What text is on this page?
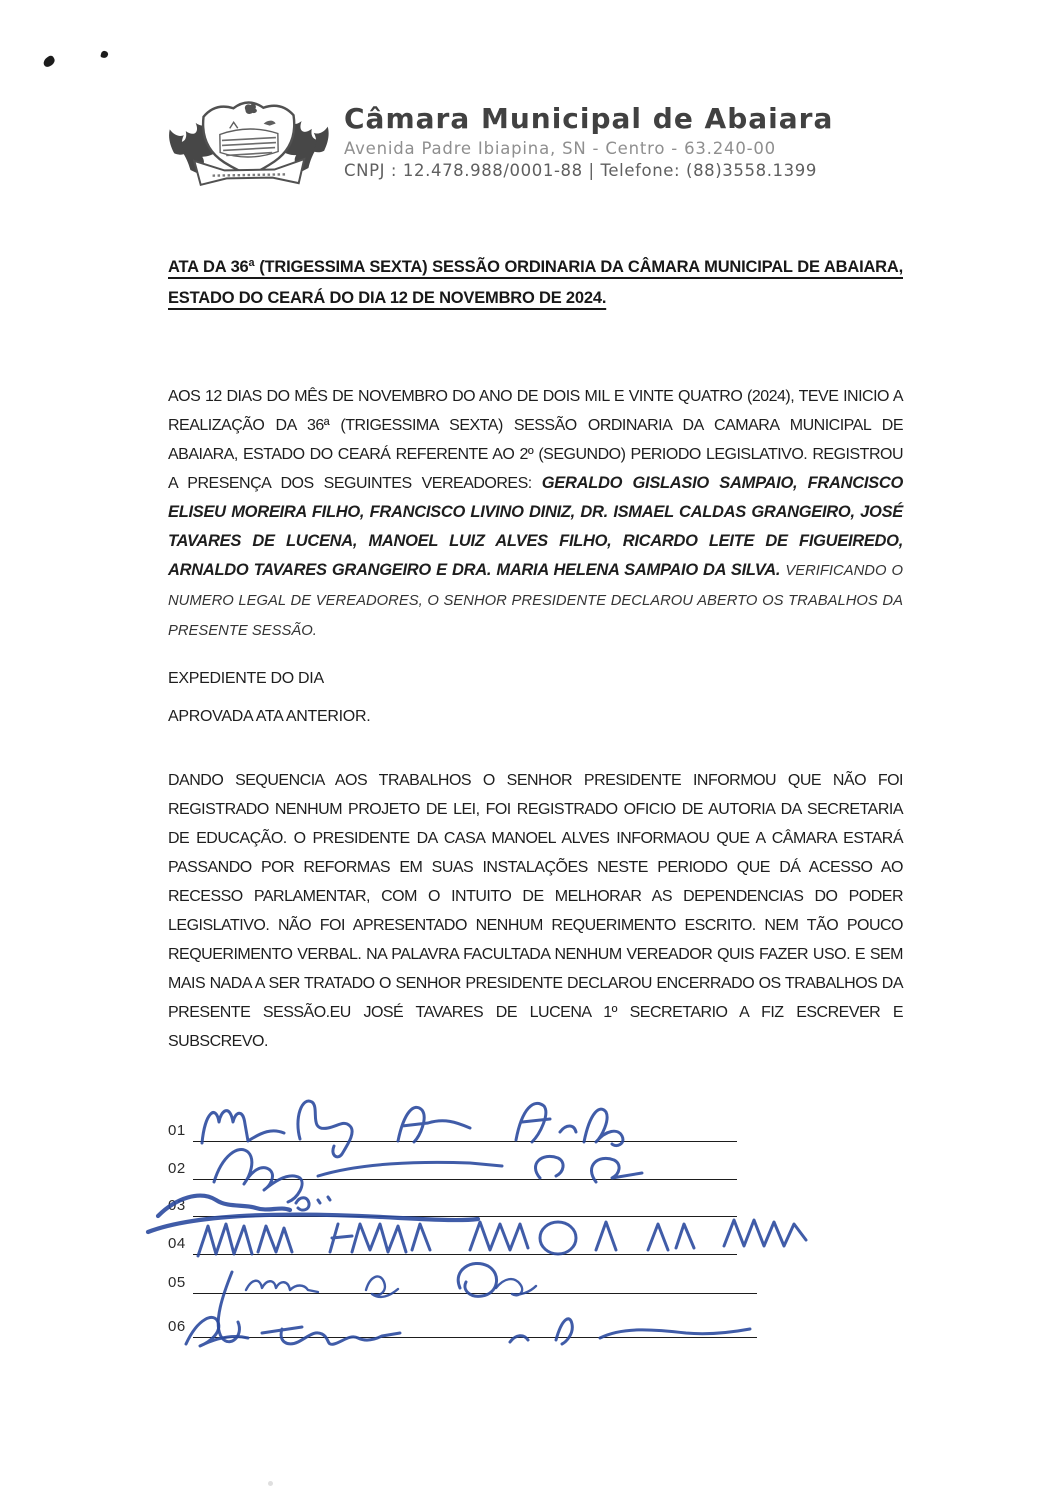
Câmara Municipal de Abaiara
Avenida Padre Ibiapina, SN - Centro - 63.240-00
CNPJ : 12.478.988/0001-88 | Telefone: (88)3558.1399
ATA DA 36ª (TRIGESSIMA SEXTA) SESSÃO ORDINARIA DA CÂMARA MUNICIPAL DE ABAIARA, ESTADO DO CEARÁ DO DIA 12 DE NOVEMBRO DE 2024.

AOS 12 DIAS DO MÊS DE NOVEMBRO DO ANO DE DOIS MIL E VINTE QUATRO (2024), TEVE INICIO A REALIZAÇÃO DA 36ª (TRIGESSIMA SEXTA) SESSÃO ORDINARIA DA CAMARA MUNICIPAL DE ABAIARA, ESTADO DO CEARÁ REFERENTE AO 2º (SEGUNDO) PERIODO LEGISLATIVO. REGISTROU A PRESENÇA DOS SEGUINTES VEREADORES: GERALDO GISLASIO SAMPAIO, FRANCISCO ELISEU MOREIRA FILHO, FRANCISCO LIVINO DINIZ, DR. ISMAEL CALDAS GRANGEIRO, JOSÉ TAVARES DE LUCENA, MANOEL LUIZ ALVES FILHO, RICARDO LEITE DE FIGUEIREDO, ARNALDO TAVARES GRANGEIRO E DRA. MARIA HELENA SAMPAIO DA SILVA. VERIFICANDO O NUMERO LEGAL DE VEREADORES, O SENHOR PRESIDENTE DECLAROU ABERTO OS TRABALHOS DA PRESENTE SESSÃO.

EXPEDIENTE DO DIA
APROVADA ATA ANTERIOR.

DANDO SEQUENCIA AOS TRABALHOS O SENHOR PRESIDENTE INFORMOU QUE NÃO FOI REGISTRADO NENHUM PROJETO DE LEI, FOI REGISTRADO OFICIO DE AUTORIA DA SECRETARIA DE EDUCAÇÃO. O PRESIDENTE DA CASA MANOEL ALVES INFORMAOU QUE A CÂMARA ESTARÁ PASSANDO POR REFORMAS EM SUAS INSTALAÇÕES NESTE PERIODO QUE DÁ ACESSO AO RECESSO PARLAMENTAR, COM O INTUITO DE MELHORAR AS DEPENDENCIAS DO PODER LEGISLATIVO. NÃO FOI APRESENTADO NENHUM REQUERIMENTO ESCRITO. NEM TÃO POUCO REQUERIMENTO VERBAL. NA PALAVRA FACULTADA NENHUM VEREADOR QUIS FAZER USO. E SEM MAIS NADA A SER TRATADO O SENHOR PRESIDENTE DECLAROU ENCERRADO OS TRABALHOS DA PRESENTE SESSÃO.EU JOSÉ TAVARES DE LUCENA 1º SECRETARIO A FIZ ESCREVER E SUBSCREVO.

01
02
03
04
05
06
